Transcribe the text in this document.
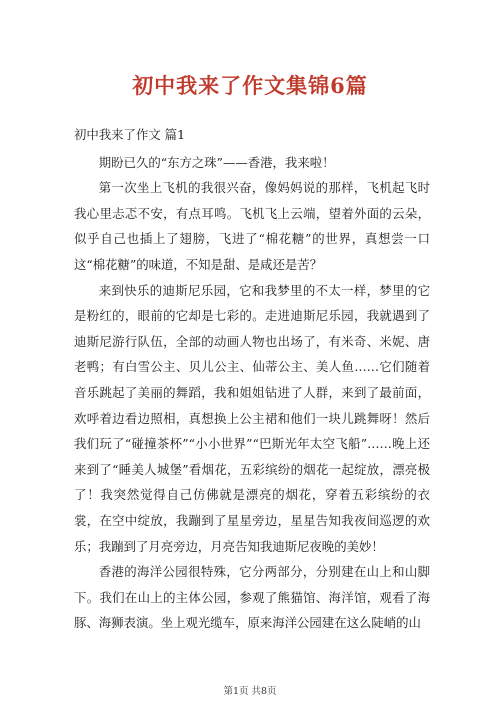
初中我来了作文集锦6篇
初中我来了作文 篇1

期盼已久的“东方之珠”——香港，我来啦！

第一次坐上飞机的我很兴奋，像妈妈说的那样，飞机起飞时我心里忐忑不安，有点耳鸣。飞机飞上云端，望着外面的云朵，似乎自己也插上了翅膀，飞进了“棉花糖”的世界，真想尝一口这“棉花糖”的味道，不知是甜、是咸还是苦？

来到快乐的迪斯尼乐园，它和我梦里的不太一样，梦里的它是粉红的，眼前的它却是七彩的。走进迪斯尼乐园，我就遇到了迪斯尼游行队伍，全部的动画人物也出场了，有米奇、米妮、唐老鸭；有白雪公主、贝儿公主、仙蒂公主、美人鱼……它们随着音乐跳起了美丽的舞蹈，我和姐姐钻进了人群，来到了最前面，欢呼着边看边照相，真想换上公主裙和他们一块儿跳舞呀！然后我们玩了“碰撞茶杯”“小小世界”“巴斯光年太空飞船”……晚上还来到了“睡美人城堡”看烟花，五彩缤纷的烟花一起绽放，漂亮极了！我突然觉得自己仿佛就是漂亮的烟花，穿着五彩缤纷的衣裳，在空中绽放，我蹦到了星星旁边，星星告知我夜间巡逻的欢乐；我蹦到了月亮旁边，月亮告知我迪斯尼夜晚的美妙！

香港的海洋公园很特殊，它分两部分，分别建在山上和山脚下。我们在山上的主体公园，参观了熊猫馆、海洋馆，观看了海豚、海狮表演。坐上观光缆车，原来海洋公园建在这么陡峭的山

第1页 共8页
